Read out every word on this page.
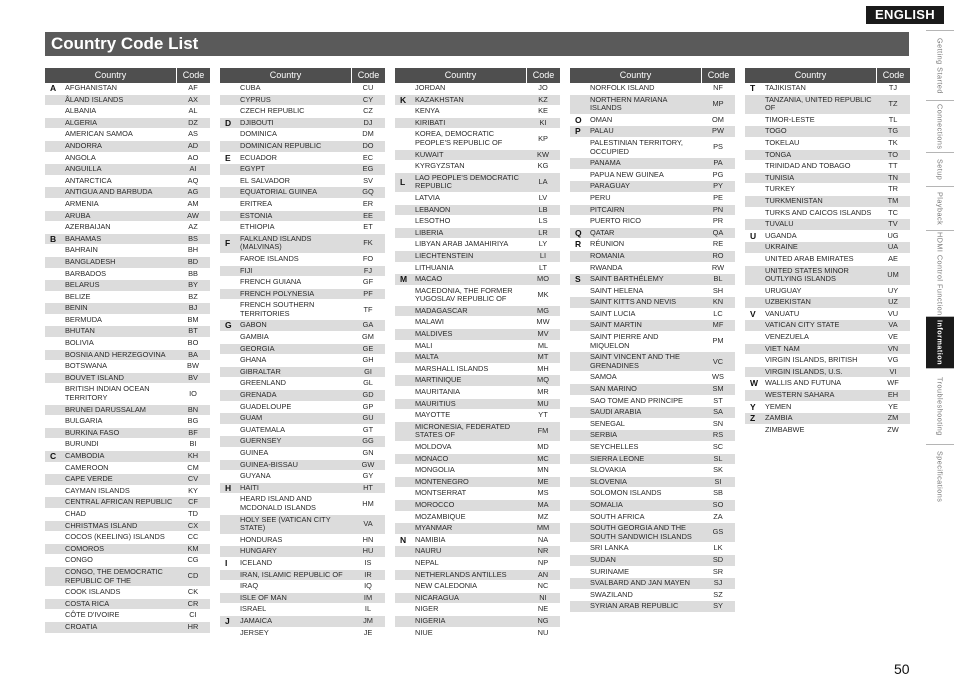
ENGLISH
Country Code List
Country	Code
A	AFGHANISTAN	AF
ÅLAND ISLANDS	AX
ALBANIA	AL
ALGERIA	DZ
AMERICAN SAMOA	AS
ANDORRA	AD
ANGOLA	AO
ANGUILLA	AI
ANTARCTICA	AQ
ANTIGUA AND BARBUDA	AG
ARMENIA	AM
ARUBA	AW
AZERBAIJAN	AZ
B	BAHAMAS	BS
BAHRAIN	BH
BANGLADESH	BD
BARBADOS	BB
BELARUS	BY
BELIZE	BZ
BENIN	BJ
BERMUDA	BM
BHUTAN	BT
BOLIVIA	BO
BOSNIA AND HERZEGOVINA	BA
BOTSWANA	BW
BOUVET ISLAND	BV
BRITISH INDIAN OCEAN TERRITORY	IO
BRUNEI DARUSSALAM	BN
BULGARIA	BG
BURKINA FASO	BF
BURUNDI	BI
C	CAMBODIA	KH
CAMEROON	CM
CAPE VERDE	CV
CAYMAN ISLANDS	KY
CENTRAL AFRICAN REPUBLIC	CF
CHAD	TD
CHRISTMAS ISLAND	CX
COCOS (KEELING) ISLANDS	CC
COMOROS	KM
CONGO	CG
CONGO, THE DEMOCRATIC REPUBLIC OF THE	CD
COOK ISLANDS	CK
COSTA RICA	CR
CÔTE D'IVOIRE	CI
CROATIA	HR
Country	Code
CUBA	CU
CYPRUS	CY
CZECH REPUBLIC	CZ
D	DJIBOUTI	DJ
DOMINICA	DM
DOMINICAN REPUBLIC	DO
E	ECUADOR	EC
EGYPT	EG
EL SALVADOR	SV
EQUATORIAL GUINEA	GQ
ERITREA	ER
ESTONIA	EE
ETHIOPIA	ET
F	FALKLAND ISLANDS (MALVINAS)	FK
FAROE ISLANDS	FO
FIJI	FJ
FRENCH GUIANA	GF
FRENCH POLYNESIA	PF
FRENCH SOUTHERN TERRITORIES	TF
G	GABON	GA
GAMBIA	GM
GEORGIA	GE
GHANA	GH
GIBRALTAR	GI
GREENLAND	GL
GRENADA	GD
GUADELOUPE	GP
GUAM	GU
GUATEMALA	GT
GUERNSEY	GG
GUINEA	GN
GUINEA-BISSAU	GW
GUYANA	GY
H	HAITI	HT
HEARD ISLAND AND MCDONALD ISLANDS	HM
HOLY SEE (VATICAN CITY STATE)	VA
HONDURAS	HN
HUNGARY	HU
I	ICELAND	IS
IRAN, ISLAMIC REPUBLIC OF	IR
IRAQ	IQ
ISLE OF MAN	IM
ISRAEL	IL
J	JAMAICA	JM
JERSEY	JE
Country	Code
JORDAN	JO
K	KAZAKHSTAN	KZ
KENYA	KE
KIRIBATI	KI
KOREA, DEMOCRATIC PEOPLE'S REPUBLIC OF	KP
KUWAIT	KW
KYRGYZSTAN	KG
L	LAO PEOPLE'S DEMOCRATIC REPUBLIC	LA
LATVIA	LV
LEBANON	LB
LESOTHO	LS
LIBERIA	LR
LIBYAN ARAB JAMAHIRIYA	LY
LIECHTENSTEIN	LI
LITHUANIA	LT
M	MACAO	MO
MACEDONIA, THE FORMER YUGOSLAV REPUBLIC OF	MK
MADAGASCAR	MG
MALAWI	MW
MALDIVES	MV
MALI	ML
MALTA	MT
MARSHALL ISLANDS	MH
MARTINIQUE	MQ
MAURITANIA	MR
MAURITIUS	MU
MAYOTTE	YT
MICRONESIA, FEDERATED STATES OF	FM
MOLDOVA	MD
MONACO	MC
MONGOLIA	MN
MONTENEGRO	ME
MONTSERRAT	MS
MOROCCO	MA
MOZAMBIQUE	MZ
MYANMAR	MM
N	NAMIBIA	NA
NAURU	NR
NEPAL	NP
NETHERLANDS ANTILLES	AN
NEW CALEDONIA	NC
NICARAGUA	NI
NIGER	NE
NIGERIA	NG
NIUE	NU
Country	Code
NORFOLK ISLAND	NF
NORTHERN MARIANA ISLANDS	MP
O	OMAN	OM
P	PALAU	PW
PALESTINIAN TERRITORY, OCCUPIED	PS
PANAMA	PA
PAPUA NEW GUINEA	PG
PARAGUAY	PY
PERU	PE
PITCAIRN	PN
PUERTO RICO	PR
Q	QATAR	QA
R	RÉUNION	RE
ROMANIA	RO
RWANDA	RW
S	SAINT BARTHÉLEMY	BL
SAINT HELENA	SH
SAINT KITTS AND NEVIS	KN
SAINT LUCIA	LC
SAINT MARTIN	MF
SAINT PIERRE AND MIQUELON	PM
SAINT VINCENT AND THE GRENADINES	VC
SAMOA	WS
SAN MARINO	SM
SAO TOME AND PRINCIPE	ST
SAUDI ARABIA	SA
SENEGAL	SN
SERBIA	RS
SEYCHELLES	SC
SIERRA LEONE	SL
SLOVAKIA	SK
SLOVENIA	SI
SOLOMON ISLANDS	SB
SOMALIA	SO
SOUTH AFRICA	ZA
SOUTH GEORGIA AND THE SOUTH SANDWICH ISLANDS	GS
SRI LANKA	LK
SUDAN	SD
SURINAME	SR
SVALBARD AND JAN MAYEN	SJ
SWAZILAND	SZ
SYRIAN ARAB REPUBLIC	SY
Country	Code
T	TAJIKISTAN	TJ
TANZANIA, UNITED REPUBLIC OF	TZ
TIMOR-LESTE	TL
TOGO	TG
TOKELAU	TK
TONGA	TO
TRINIDAD AND TOBAGO	TT
TUNISIA	TN
TURKEY	TR
TURKMENISTAN	TM
TURKS AND CAICOS ISLANDS	TC
TUVALU	TV
U	UGANDA	UG
UKRAINE	UA
UNITED ARAB EMIRATES	AE
UNITED STATES MINOR OUTLYING ISLANDS	UM
URUGUAY	UY
UZBEKISTAN	UZ
V	VANUATU	VU
VATICAN CITY STATE	VA
VENEZUELA	VE
VIET NAM	VN
VIRGIN ISLANDS, BRITISH	VG
VIRGIN ISLANDS, U.S.	VI
W WALLIS AND FUTUNA	WF
WESTERN SAHARA	EH
Y	YEMEN	YE
Z	ZAMBIA	ZM
ZIMBABWE	ZW
Getting Started
Connections
Setup
Playback
HDMI Control Function
Information
Troubleshooting
Specifications
50
